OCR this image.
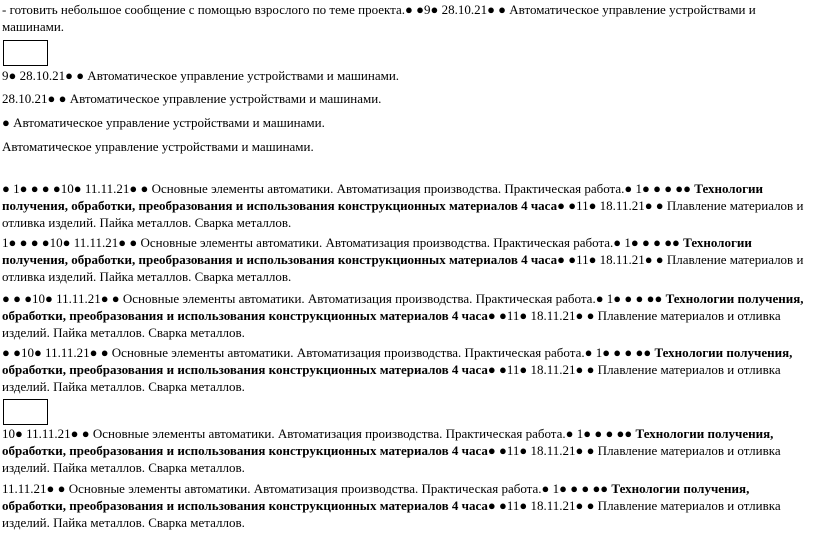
- готовить небольшое сообщение с помощью взрослого по теме проекта.● ●9● 28.10.21● ● Автоматическое управление устройствами и
машинами.
9● 28.10.21● ● Автоматическое управление устройствами и машинами.
28.10.21● ● Автоматическое управление устройствами и машинами.
● Автоматическое управление устройствами и машинами.
Автоматическое управление устройствами и машинами.
● 1● ● ● ●10● 11.11.21● ● Основные элементы автоматики. Автоматизация производства. Практическая работа.● 1● ● ● ●● Технологии получения, обработки, преобразования и использования конструкционных материалов 4 часа● ●11● 18.11.21● ● Плавление материалов и отливка изделий. Пайка металлов. Сварка металлов.
1● ● ● ●10● 11.11.21● ● Основные элементы автоматики. Автоматизация производства. Практическая работа.● 1● ● ● ●● Технологии получения, обработки, преобразования и использования конструкционных материалов 4 часа● ●11● 18.11.21● ● Плавление материалов и отливка изделий. Пайка металлов. Сварка металлов.
● ● ●10● 11.11.21● ● Основные элементы автоматики. Автоматизация производства. Практическая работа.● 1● ● ● ●● Технологии получения, обработки, преобразования и использования конструкционных материалов 4 часа● ●11● 18.11.21● ● Плавление материалов и отливка изделий. Пайка металлов. Сварка металлов.
● ●10● 11.11.21● ● Основные элементы автоматики. Автоматизация производства. Практическая работа.● 1● ● ● ●● Технологии получения, обработки, преобразования и использования конструкционных материалов 4 часа● ●11● 18.11.21● ● Плавление материалов и отливка изделий. Пайка металлов. Сварка металлов.
10● 11.11.21● ● Основные элементы автоматики. Автоматизация производства. Практическая работа.● 1● ● ● ●● Технологии получения, обработки, преобразования и использования конструкционных материалов 4 часа● ●11● 18.11.21● ● Плавление материалов и отливка изделий. Пайка металлов. Сварка металлов.
11.11.21● ● Основные элементы автоматики. Автоматизация производства. Практическая работа.● 1● ● ● ●● Технологии получения, обработки, преобразования и использования конструкционных материалов 4 часа● ●11● 18.11.21● ● Плавление материалов и отливка изделий. Пайка металлов. Сварка металлов.
